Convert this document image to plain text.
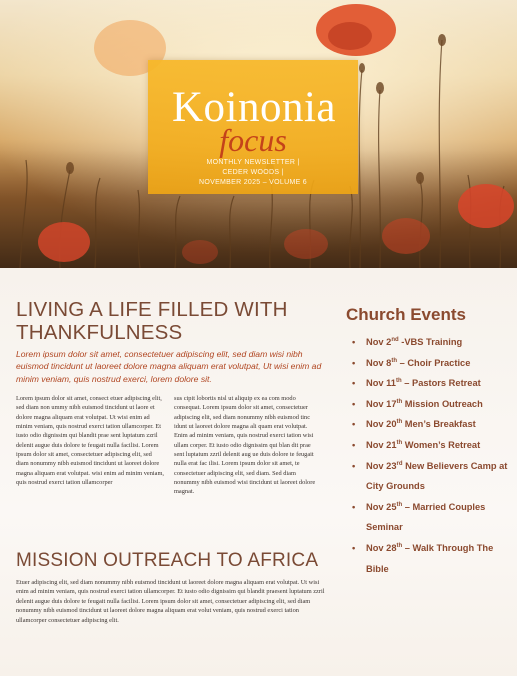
Koinonia
focus
MONTHLY NEWSLETTER |
CEDER WOODS |
NOVEMBER 2025 – VOLUME 6
LIVING A LIFE FILLED WITH THANKFULNESS

Lorem ipsum dolor sit amet, consectetuer adipiscing elit, sed diam wisi nibh euismod tincidunt ut laoreet dolore magna aliquam erat volutpat, Ut wisi enim ad minim veniam, quis nostrud exerci, lorem dolore sit.

Lorem ipsum dolor sit amet, consect etuer adipiscing elit, sed diam non ummy nibh euismod tincidunt ut laore et dolore magna aliquam erat volutpat. Ut wisi enim ad minim veniam, quis nostrud exerci tation ullamcorper. Et iusto odio dignissim qui blandit prae sent luptatum zzril delenit augue duis dolore te feugait nulla facilisi. Lorem ipsum dolor sit amet, consectetuer adipiscing elit, sed diam nonummy nibh euismod tincidunt ut laoreet dolore magna aliquam erat volutpat. wisi enim ad minim veniam, quis nostrud exerci tation ullamcorper

sus cipit lobortis nisl ut aliquip ex ea com modo consequat. Lorem ipsum dolor sit amet, consectetuer adipiscing elit, sed diam nonummy nibh euismod tinc idunt ut laoreet dolore magna ali quam erat volutpat. Enim ad minim veniam, quis nostrud exerci tation wisi ullam corper. Et iusto odio dignissim qui blan dit prae sent luptatum zzril delenit aug ue duis dolore te feugait nulla erat fac ilisi. Lorem ipsum dolor sit amet, te consectetuer adipiscing elit, sed diam. Sed diam nonummy nibh euismod wisi tincidunt ut laoreet dolore magnat.

MISSION OUTREACH TO AFRICA

Etuer adipiscing elit, sed diam nonummy nibh euismod tincidunt ut laoreet dolore magna aliquam erat volutpat. Ut wisi enim ad minim veniam, quis nostrud exerci tation ullamcorper. Et iusto odio dignissim qui blandit praesent luptatum zzril delenit augue duis dolore te feugait nulla facilisi. Lorem ipsum dolor sit amet, consectetuer adipiscing elit, sed diam nonummy nibh euismod tincidunt ut laoreet dolore magna aliquam erat volut veniam, quis nostrud exerci tation ullamcorper consectetuer adipiscing elit.

Church Events
• Nov 2nd -VBS Training
• Nov 8th – Choir Practice
• Nov 11th – Pastors Retreat
• Nov 17th Mission Outreach
• Nov 20th Men’s Breakfast
• Nov 21th Women’s Retreat
• Nov 23rd New Believers Camp at City Grounds
• Nov 25th – Married Couples Seminar
• Nov 28th – Walk Through The Bible
